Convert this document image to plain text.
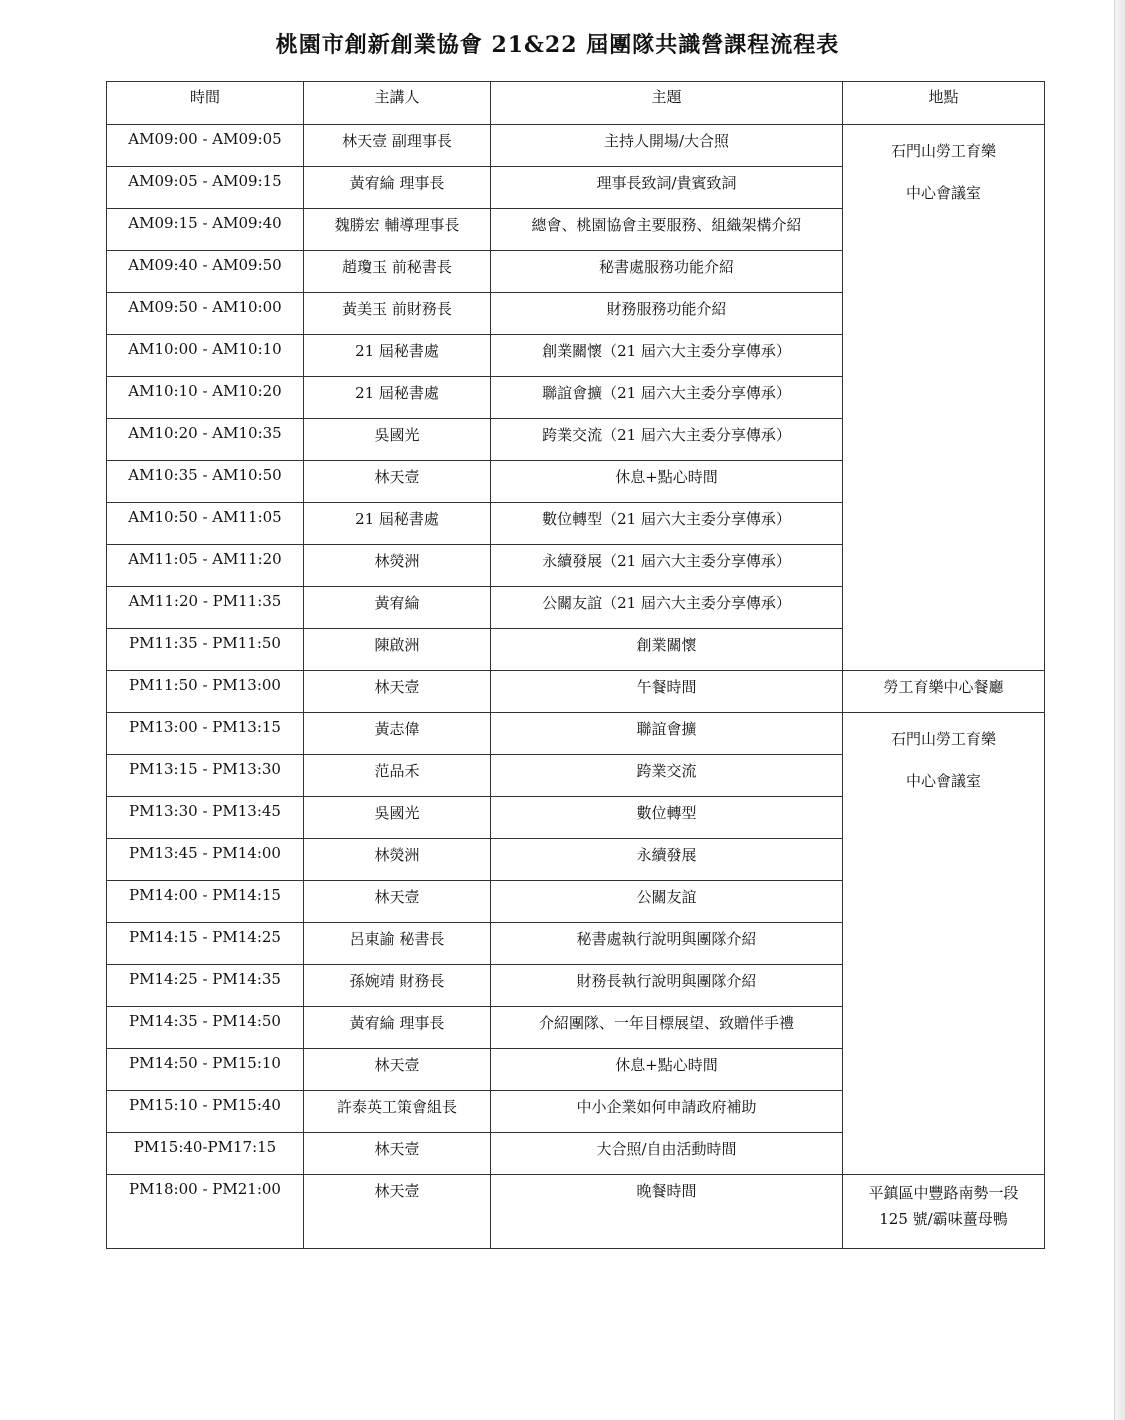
桃園市創新創業協會 21&22 屆團隊共識營課程流程表
時間	主講人	主題	地點
AM09:00 - AM09:05	林天壹 副理事長	主持人開場/大合照	石門山勞工育樂
中心會議室

AM09:05 - AM09:15	黃宥綸 理事長	理事長致詞/貴賓致詞	
AM09:15 - AM09:40	魏勝宏 輔導理事長	總會、桃園協會主要服務、組織架構介紹	
AM09:40 - AM09:50	趙瓊玉 前秘書長	秘書處服務功能介紹	
AM09:50 - AM10:00	黃美玉 前財務長	財務服務功能介紹	
AM10:00 - AM10:10	21 屆秘書處	創業關懷（21 屆六大主委分享傳承）	
AM10:10 - AM10:20	21 屆秘書處	聯誼會擴（21 屆六大主委分享傳承）	
AM10:20 - AM10:35	吳國光	跨業交流（21 屆六大主委分享傳承）	
AM10:35 - AM10:50	林天壹	休息+點心時間	
AM10:50 - AM11:05	21 屆秘書處	數位轉型（21 屆六大主委分享傳承）	
AM11:05 - AM11:20	林熒洲	永續發展（21 屆六大主委分享傳承）	
AM11:20 - PM11:35	黃宥綸	公關友誼（21 屆六大主委分享傳承）	
PM11:35 - PM11:50	陳啟洲	創業關懷	
PM11:50 - PM13:00	林天壹	午餐時間	勞工育樂中心餐廳
PM13:00 - PM13:15	黃志偉	聯誼會擴	石門山勞工育樂
中心會議室

PM13:15 - PM13:30	范品禾	跨業交流	
PM13:30 - PM13:45	吳國光	數位轉型	
PM13:45 - PM14:00	林熒洲	永續發展	
PM14:00 - PM14:15	林天壹	公關友誼	
PM14:15 - PM14:25	呂東諭 秘書長	秘書處執行說明與團隊介紹	
PM14:25 - PM14:35	孫婉靖 財務長	財務長執行說明與團隊介紹	
PM14:35 - PM14:50	黃宥綸 理事長	介紹團隊、一年目標展望、致贈伴手禮	
PM14:50 - PM15:10	林天壹	休息+點心時間	
PM15:10 - PM15:40	許泰英工策會組長	中小企業如何申請政府補助	
PM15:40-PM17:15	林天壹	大合照/自由活動時間	
PM18:00 - PM21:00	林天壹	晚餐時間	平鎮區中豐路南勢一段
125 號/霸味薑母鴨
